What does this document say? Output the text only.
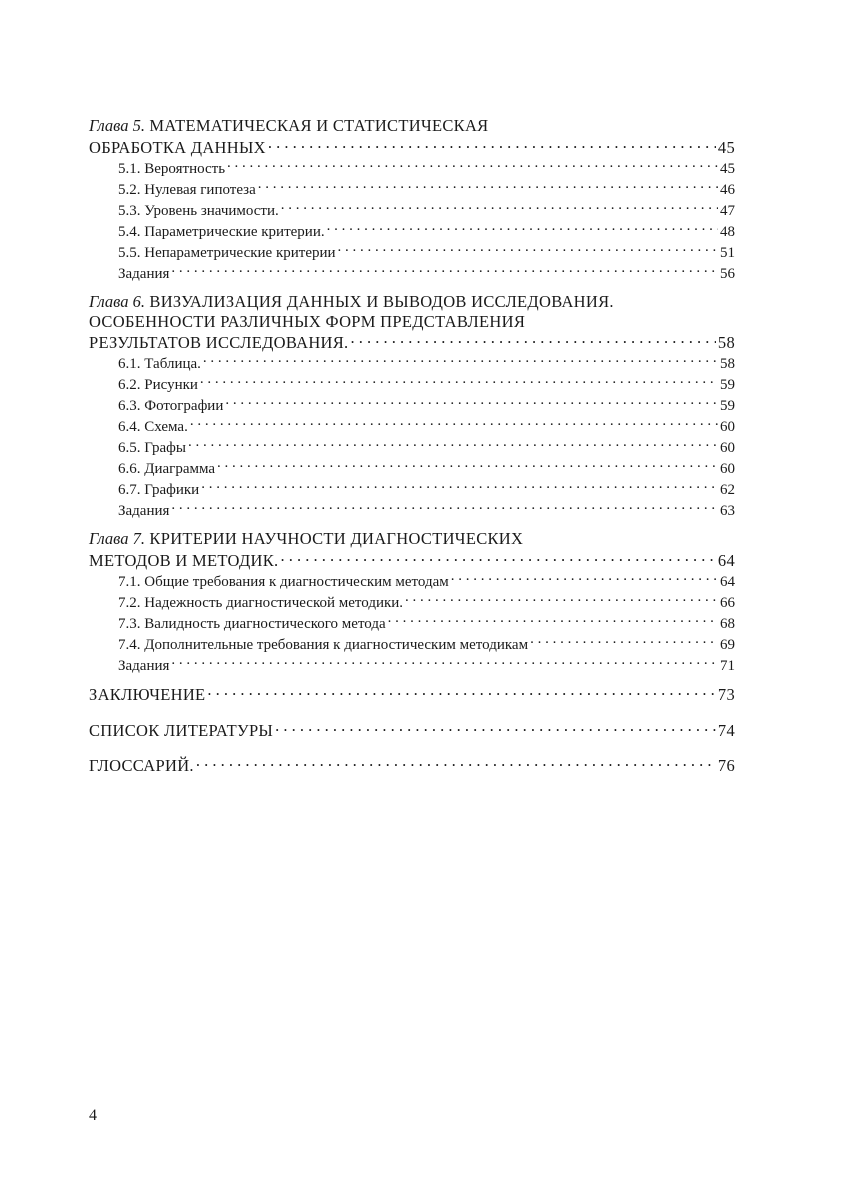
Глава 5. МАТЕМАТИЧЕСКАЯ И СТАТИСТИЧЕСКАЯ
ОБРАБОТКА ДАННЫХ . . .	45
5.1. Вероятность . . .	45
5.2. Нулевая гипотеза . . .	46
5.3. Уровень значимости. . . .	47
5.4. Параметрические критерии. . . .	48
5.5. Непараметрические критерии . . .	51
Задания . . .	56
Глава 6. ВИЗУАЛИЗАЦИЯ ДАННЫХ И ВЫВОДОВ ИССЛЕДОВАНИЯ.
ОСОБЕННОСТИ РАЗЛИЧНЫХ ФОРМ ПРЕДСТАВЛЕНИЯ
РЕЗУЛЬТАТОВ ИССЛЕДОВАНИЯ. . . .	58
6.1. Таблица. . . .	58
6.2. Рисунки . . .	59
6.3. Фотографии . . .	59
6.4. Схема. . . .	60
6.5. Графы . . .	60
6.6. Диаграмма . . .	60
6.7. Графики . . .	62
Задания . . .	63
Глава 7. КРИТЕРИИ НАУЧНОСТИ ДИАГНОСТИЧЕСКИХ
МЕТОДОВ И МЕТОДИК. . . .	64
7.1. Общие требования к диагностическим методам . . .	64
7.2. Надежность диагностической методики. . . .	66
7.3. Валидность диагностического метода . . .	68
7.4. Дополнительные требования к диагностическим методикам . . .	69
Задания . . .	71
ЗАКЛЮЧЕНИЕ . . .	73
СПИСОК ЛИТЕРАТУРЫ . . .	74
ГЛОССАРИЙ. . . .	76
4
